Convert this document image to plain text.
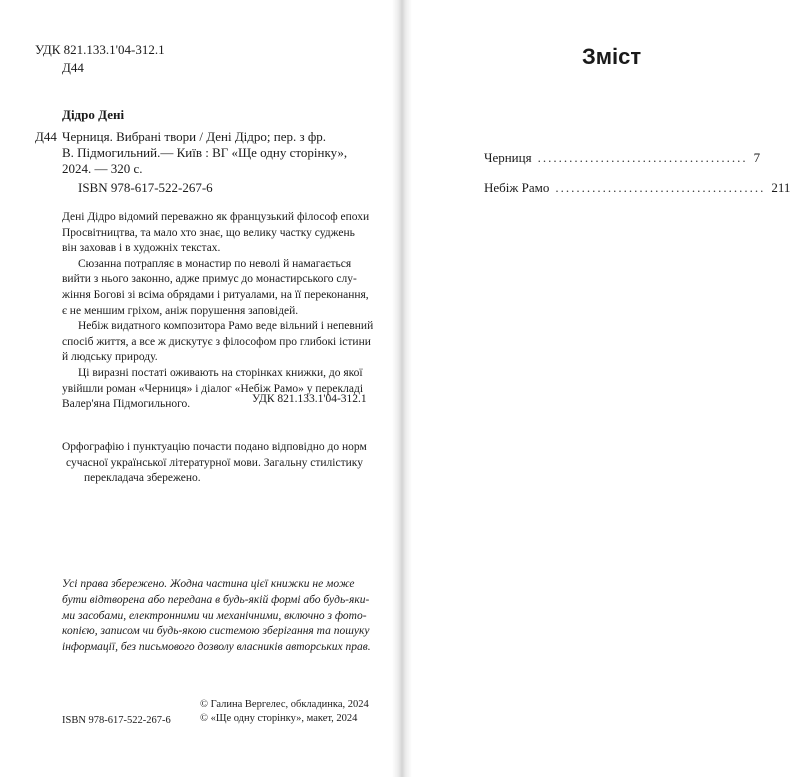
УДК 821.133.1'04-312.1
Д44
Дідро Дені
Д44 Черниця. Вибрані твори / Дені Дідро; пер. з фр.
В. Підмогильний.— Київ : ВГ «Ще одну сторінку»,
2024. — 320 с.
ISBN 978-617-522-267-6
Дені Дідро відомий переважно як французький філософ епохи
Просвітництва, та мало хто знає, що велику частку суджень
він заховав і в художніх текстах.
Сюзанна потрапляє в монастир по неволі й намагається
вийти з нього законно, адже примус до монастирського слу-
жіння Богові зі всіма обрядами і ритуалами, на її переконання,
є не меншим гріхом, аніж порушення заповідей.
Небіж видатного композитора Рамо веде вільний і непевний
спосіб життя, а все ж дискутує з філософом про глибокі істини
й людську природу.
Ці виразні постаті оживають на сторінках книжки, до якої
увійшли роман «Черниця» і діалог «Небіж Рамо» у перекладі
Валер'яна Підмогильного.	УДК 821.133.1'04-312.1
Орфографію і пунктуацію почасти подано відповідно до норм
сучасної української літературної мови. Загальну стилістику
перекладача збережено.
Усі права збережено. Жодна частина цієї книжки не може
бути відтворена або передана в будь-якій формі або будь-яки-
ми засобами, електронними чи механічними, включно з фото-
копією, записом чи будь-якою системою зберігання та пошуку
інформації, без письмового дозволу власників авторських прав.
ISBN 978-617-522-267-6
© Галина Вергелес, обкладинка, 2024
© «Ще одну сторінку», макет, 2024
Зміст
Черниця ........................................ 7
Небіж Рамо ........................................ 211
